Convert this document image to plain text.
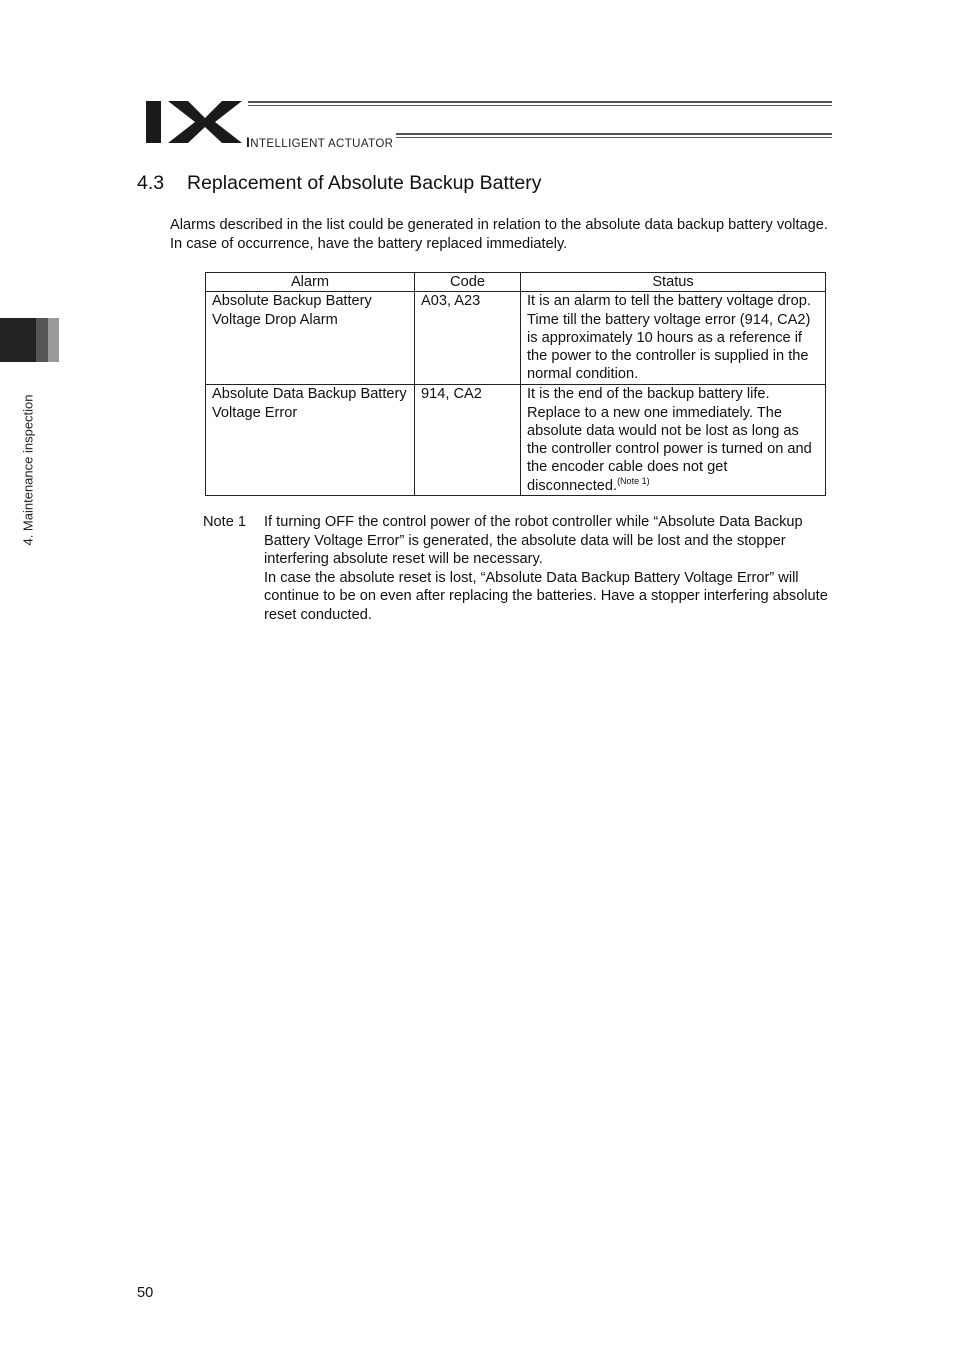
INTELLIGENT ACTUATOR
4. Maintenance inspection
4.3 Replacement of Absolute Backup Battery
Alarms described in the list could be generated in relation to the absolute data backup battery voltage. In case of occurrence, have the battery replaced immediately.
Alarm	Code	Status
Absolute Backup Battery Voltage Drop Alarm	A03, A23	It is an alarm to tell the battery voltage drop. Time till the battery voltage error (914, CA2) is approximately 10 hours as a reference if the power to the controller is supplied in the normal condition.
Absolute Data Backup Battery Voltage Error	914, CA2	It is the end of the backup battery life. Replace to a new one immediately. The absolute data would not be lost as long as the controller control power is turned on and the encoder cable does not get disconnected.$^{(Note 1)}$
Note 1 If turning OFF the control power of the robot controller while “Absolute Data Backup Battery Voltage Error” is generated, the absolute data will be lost and the stopper interfering absolute reset will be necessary.

In case the absolute reset is lost, “Absolute Data Backup Battery Voltage Error” will continue to be on even after replacing the batteries. Have a stopper interfering absolute reset conducted.

50
